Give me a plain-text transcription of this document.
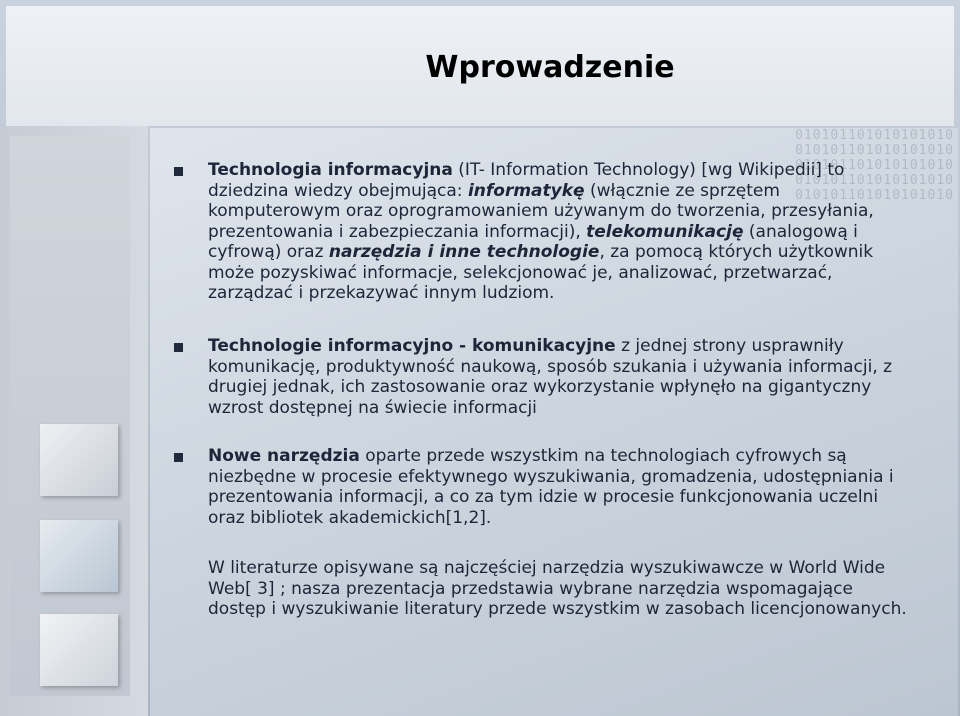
Wprowadzenie
010101101010101010
010101101010101010
010101101010101010
010101101010101010
010101101010101010
Technologia informacyjna (IT- Information Technology) [wg Wikipedii] to dziedzina wiedzy obejmująca: informatykę (włącznie ze sprzętem komputerowym oraz oprogramowaniem używanym do tworzenia, przesyłania, prezentowania i zabezpieczania informacji), telekomunikację (analogową i cyfrową) oraz narzędzia i inne technologie, za pomocą których użytkownik może pozyskiwać informacje, selekcjonować je, analizować, przetwarzać, zarządzać i przekazywać innym ludziom.
Technologie informacyjno - komunikacyjne z jednej strony usprawniły komunikację, produktywność naukową, sposób szukania i używania informacji, z drugiej jednak, ich zastosowanie oraz wykorzystanie wpłynęło na gigantyczny wzrost dostępnej na świecie informacji
Nowe narzędzia oparte przede wszystkim na technologiach cyfrowych są niezbędne w procesie efektywnego wyszukiwania, gromadzenia, udostępniania i prezentowania informacji, a co za tym idzie w procesie funkcjonowania uczelni oraz bibliotek akademickich[1,2].
W literaturze opisywane są najczęściej narzędzia wyszukiwawcze w World Wide Web[ 3] ; nasza prezentacja przedstawia wybrane narzędzia wspomagające dostęp i wyszukiwanie literatury przede wszystkim w zasobach licencjonowanych.
